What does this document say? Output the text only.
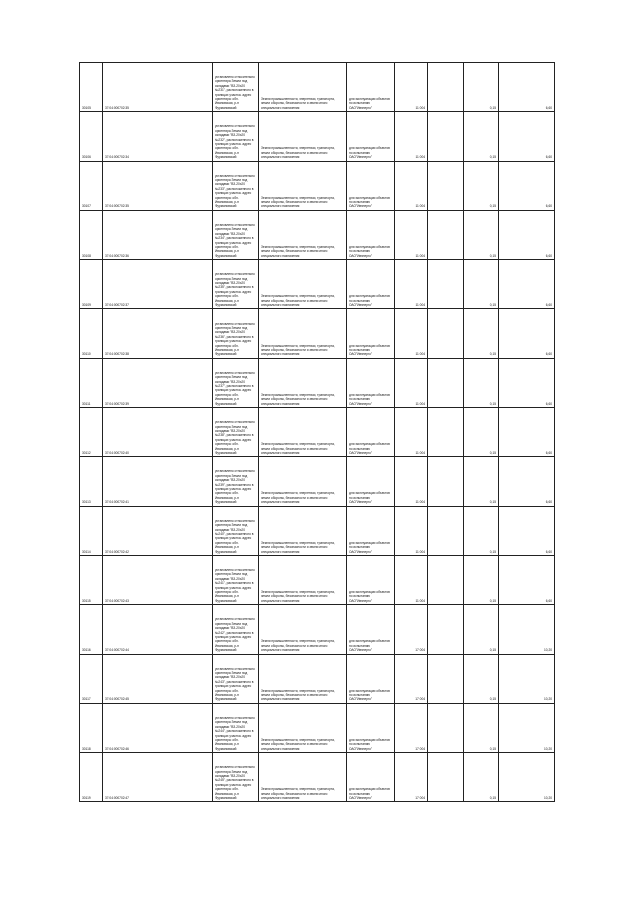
30105	37:04:000702:35	установлено относительно ориентира Земли под складами "ВЗ-20х20 №231", расположенного в границах участка. адрес ориентира: обл. Ивановская, р-н Фурмановский	Земли промышленности, энергетики, транспорта, земли обороны, безопасности и земли иного специального назначения	для эксплуатации объектов по испытанию ОАО"Ивэнерго"	11 004		0,15	6,60
30106	37:04:000702:34	установлено относительно ориентира Земли под складами "ВЗ-20х20 №232", расположенного в границах участка. адрес ориентира: обл. Ивановская, р-н Фурмановский	Земли промышленности, энергетики, транспорта, земли обороны, безопасности и земли иного специального назначения	для эксплуатации объектов по испытанию ОАО"Ивэнерго"	11 004		0,15	6,60
30107	37:04:000702:35	установлено относительно ориентира Земли под складами "ВЗ-20х20 №233", расположенного в границах участка. адрес ориентира: обл. Ивановская, р-н Фурмановский	Земли промышленности, энергетики, транспорта, земли обороны, безопасности и земли иного специального назначения	для эксплуатации объектов по испытанию ОАО"Ивэнерго"	11 004		0,15	6,60
30108	37:04:000702:36	установлено относительно ориентира Земли под складами "ВЗ-20х20 №234", расположенного в границах участка. адрес ориентира: обл. Ивановская, р-н Фурмановский	Земли промышленности, энергетики, транспорта, земли обороны, безопасности и земли иного специального назначения	для эксплуатации объектов по испытанию ОАО"Ивэнерго"	11 004		0,15	6,60
30109	37:04:000702:37	установлено относительно ориентира Земли под складами "ВЗ-20х20 №235", расположенного в границах участка. адрес ориентира: обл. Ивановская, р-н Фурмановский	Земли промышленности, энергетики, транспорта, земли обороны, безопасности и земли иного специального назначения	для эксплуатации объектов по испытанию ОАО"Ивэнерго"	11 004		0,15	6,60
30110	37:04:000702:38	установлено относительно ориентира Земли под складами "ВЗ-20х20 №236", расположенного в границах участка. адрес ориентира: обл. Ивановская, р-н Фурмановский	Земли промышленности, энергетики, транспорта, земли обороны, безопасности и земли иного специального назначения	для эксплуатации объектов по испытанию ОАО"Ивэнерго"	11 004		0,15	6,60
30111	37:04:000702:39	установлено относительно ориентира Земли под складами "ВЗ-20х20 №237", расположенного в границах участка. адрес ориентира: обл. Ивановская, р-н Фурмановский	Земли промышленности, энергетики, транспорта, земли обороны, безопасности и земли иного специального назначения	для эксплуатации объектов по испытанию ОАО"Ивэнерго"	11 004		0,15	6,60
30112	37:04:000702:40	установлено относительно ориентира Земли под складами "ВЗ-20х20 №238", расположенного в границах участка. адрес ориентира: обл. Ивановская, р-н Фурмановский	Земли промышленности, энергетики, транспорта, земли обороны, безопасности и земли иного специального назначения	для эксплуатации объектов по испытанию ОАО"Ивэнерго"	11 004		0,15	6,60
30113	37:04:000702:41	установлено относительно ориентира Земли под складами "ВЗ-20х20 №239", расположенного в границах участка. адрес ориентира: обл. Ивановская, р-н Фурмановский	Земли промышленности, энергетики, транспорта, земли обороны, безопасности и земли иного специального назначения	для эксплуатации объектов по испытанию ОАО"Ивэнерго"	11 004		0,15	6,60
30114	37:04:000702:42	установлено относительно ориентира Земли под складами "ВЗ-20х20 №240", расположенного в границах участка. адрес ориентира: обл. Ивановская, р-н Фурмановский	Земли промышленности, энергетики, транспорта, земли обороны, безопасности и земли иного специального назначения	для эксплуатации объектов по испытанию ОАО"Ивэнерго"	11 004		0,15	6,60
30115	37:04:000702:43	установлено относительно ориентира Земли под складами "ВЗ-20х20 №241", расположенного в границах участка. адрес ориентира: обл. Ивановская, р-н Фурмановский	Земли промышленности, энергетики, транспорта, земли обороны, безопасности и земли иного специального назначения	для эксплуатации объектов по испытанию ОАО"Ивэнерго"	11 004		0,15	6,60
30116	37:04:000702:44	установлено относительно ориентира Земли под складами "ВЗ-20х20 №242", расположенного в границах участка. адрес ориентира: обл. Ивановская, р-н Фурмановский	Земли промышленности, энергетики, транспорта, земли обороны, безопасности и земли иного специального назначения	для эксплуатации объектов по испытанию ОАО"Ивэнерго"	17 004		0,15	10,20
30117	37:04:000702:45	установлено относительно ориентира Земли под складами "ВЗ-20х20 №243", расположенного в границах участка. адрес ориентира: обл. Ивановская, р-н Фурмановский	Земли промышленности, энергетики, транспорта, земли обороны, безопасности и земли иного специального назначения	для эксплуатации объектов по испытанию ОАО"Ивэнерго"	17 004		0,15	10,20
30118	37:04:000702:46	установлено относительно ориентира Земли под складами "ВЗ-20х20 №244", расположенного в границах участка. адрес ориентира: обл. Ивановская, р-н Фурмановский	Земли промышленности, энергетики, транспорта, земли обороны, безопасности и земли иного специального назначения	для эксплуатации объектов по испытанию ОАО"Ивэнерго"	17 004		0,15	10,20
30119	37:04:000702:47	установлено относительно ориентира Земли под складами "ВЗ-20х20 №245", расположенного в границах участка. адрес ориентира: обл. Ивановская, р-н Фурмановский	Земли промышленности, энергетики, транспорта, земли обороны, безопасности и земли иного специального назначения	для эксплуатации объектов по испытанию ОАО"Ивэнерго"	17 004		0,15	10,20
